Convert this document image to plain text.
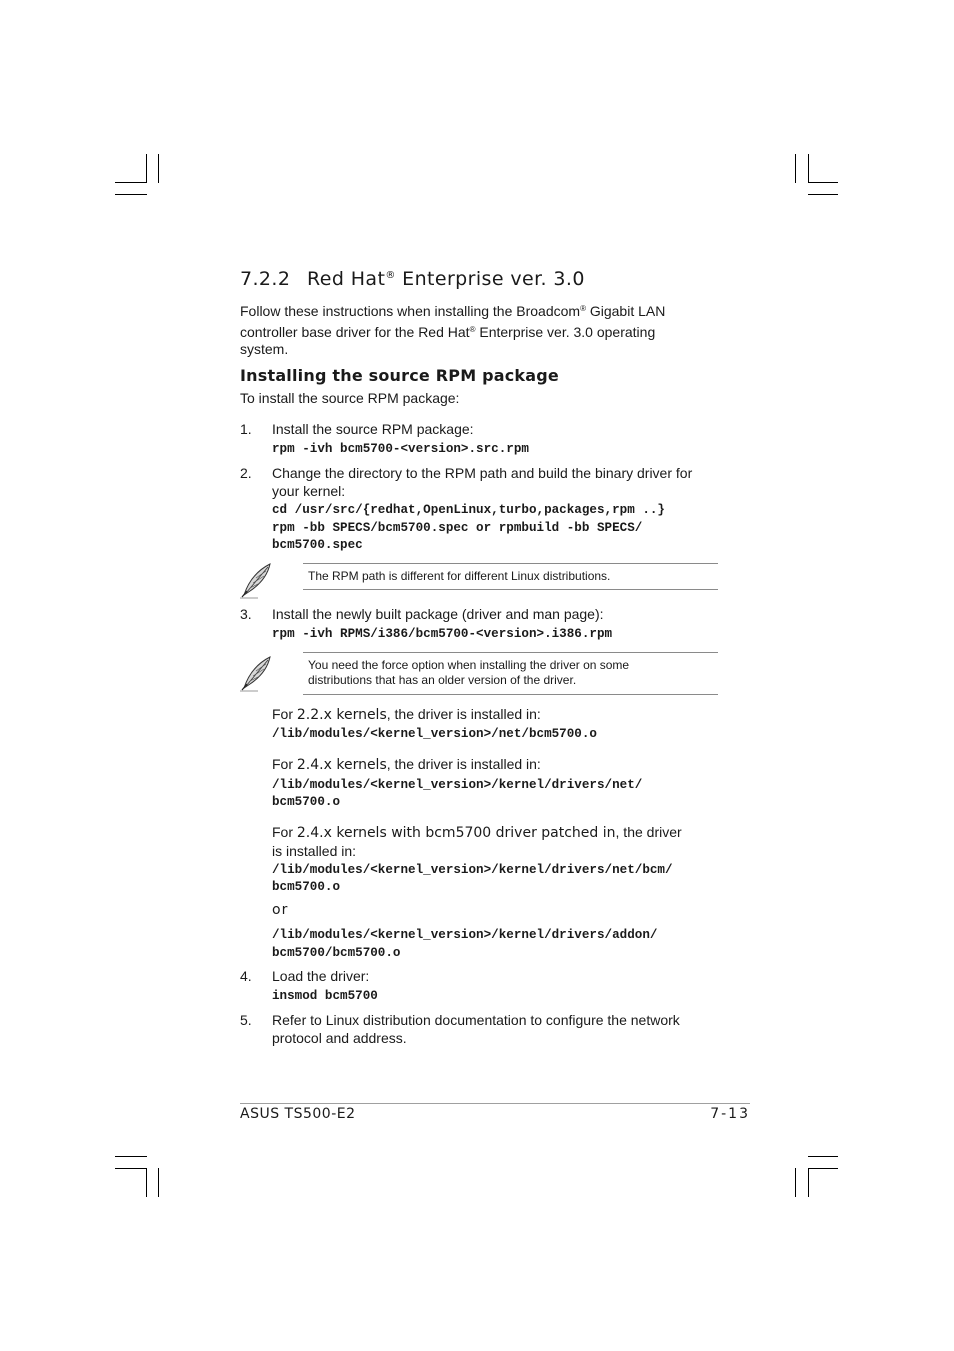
7.2.2 Red Hat® Enterprise ver. 3.0
Follow these instructions when installing the Broadcom® Gigabit LAN
controller base driver for the Red Hat® Enterprise ver. 3.0 operating
system.
Installing the source RPM package
To install the source RPM package:
1. Install the source RPM package:
rpm -ivh bcm5700-<version>.src.rpm
2. Change the directory to the RPM path and build the binary driver for
your kernel:
cd /usr/src/{redhat,OpenLinux,turbo,packages,rpm ..}
rpm -bb SPECS/bcm5700.spec or rpmbuild -bb SPECS/
bcm5700.spec
The RPM path is different for different Linux distributions.
3. Install the newly built package (driver and man page):
rpm -ivh RPMS/i386/bcm5700-<version>.i386.rpm
You need the force option when installing the driver on some
distributions that has an older version of the driver.
For 2.2.x kernels, the driver is installed in:
/lib/modules/<kernel_version>/net/bcm5700.o
For 2.4.x kernels, the driver is installed in:
/lib/modules/<kernel_version>/kernel/drivers/net/
bcm5700.o
For 2.4.x kernels with bcm5700 driver patched in, the driver
is installed in:
/lib/modules/<kernel_version>/kernel/drivers/net/bcm/
bcm5700.o
or
/lib/modules/<kernel_version>/kernel/drivers/addon/
bcm5700/bcm5700.o
4. Load the driver:
insmod bcm5700
5. Refer to Linux distribution documentation to configure the network
protocol and address.
ASUS TS500-E2	7-13
